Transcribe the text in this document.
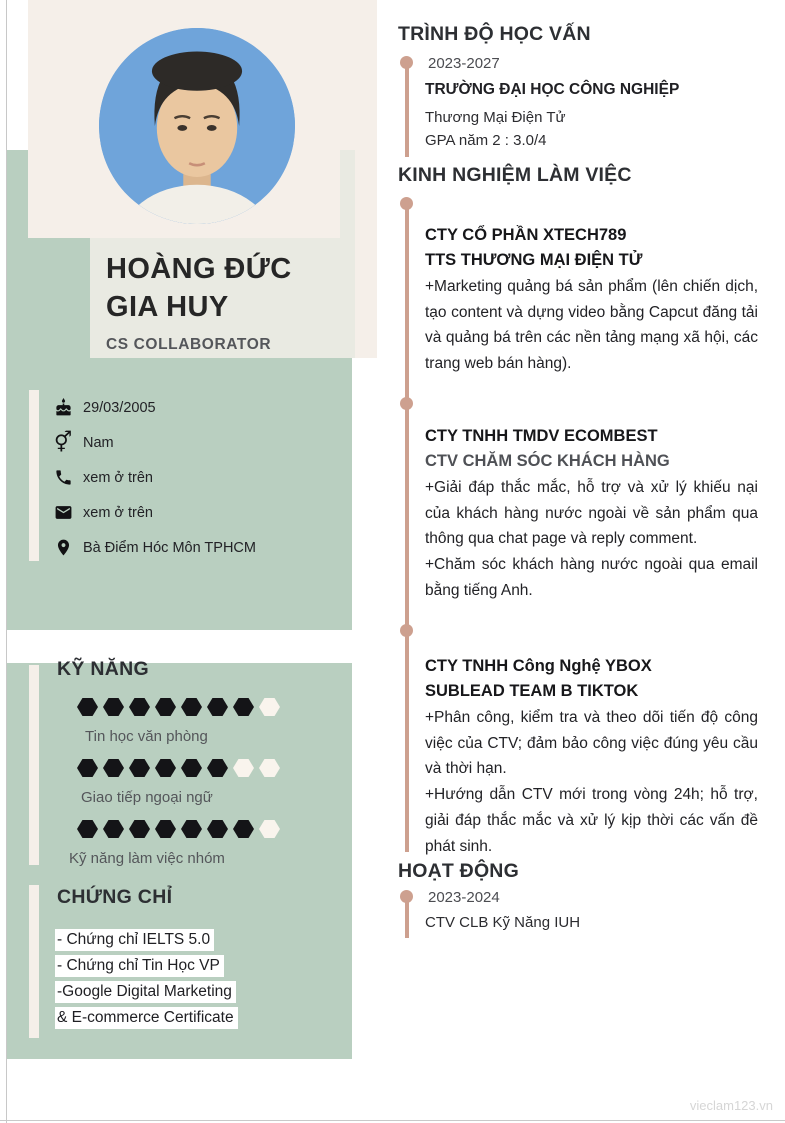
HOÀNG ĐỨC
GIA HUY
CS COLLABORATOR
29/03/2005
⚥ Nam
xem ở trên
xem ở trên
Bà Điểm Hóc Môn TPHCM
KỸ NĂNG
Tin học văn phòng
Giao tiếp ngoại ngữ
Kỹ năng làm việc nhóm
CHỨNG CHỈ
- Chứng chỉ IELTS 5.0
- Chứng chỉ Tin Học VP
-Google Digital Marketing
& E-commerce Certificate
TRÌNH ĐỘ HỌC VẤN
2023-2027
TRƯỜNG ĐẠI HỌC CÔNG NGHIỆP
Thương Mại Điện Tử
GPA năm 2 : 3.0/4
KINH NGHIỆM LÀM VIỆC
CTY CỔ PHẦN XTECH789
TTS THƯƠNG MẠI ĐIỆN TỬ

+Marketing quảng bá sản phẩm (lên chiến dịch, tạo content và dựng video bằng Capcut đăng tải và quảng bá trên các nền tảng mạng xã hội, các trang web bán hàng).

CTY TNHH TMDV ECOMBEST
CTV CHĂM SÓC KHÁCH HÀNG

+Giải đáp thắc mắc, hỗ trợ và xử lý khiếu nại của khách hàng nước ngoài về sản phẩm qua thông qua chat page và reply comment.

+Chăm sóc khách hàng nước ngoài qua email bằng tiếng Anh.

CTY TNHH Công Nghệ YBOX
SUBLEAD TEAM B TIKTOK

+Phân công, kiểm tra và theo dõi tiến độ công việc của CTV; đảm bảo công việc đúng yêu cầu và thời hạn.

+Hướng dẫn CTV mới trong vòng 24h; hỗ trợ, giải đáp thắc mắc và xử lý kịp thời các vấn đề phát sinh.

HOẠT ĐỘNG
2023-2024
CTV CLB Kỹ Năng IUH
vieclam123.vn
